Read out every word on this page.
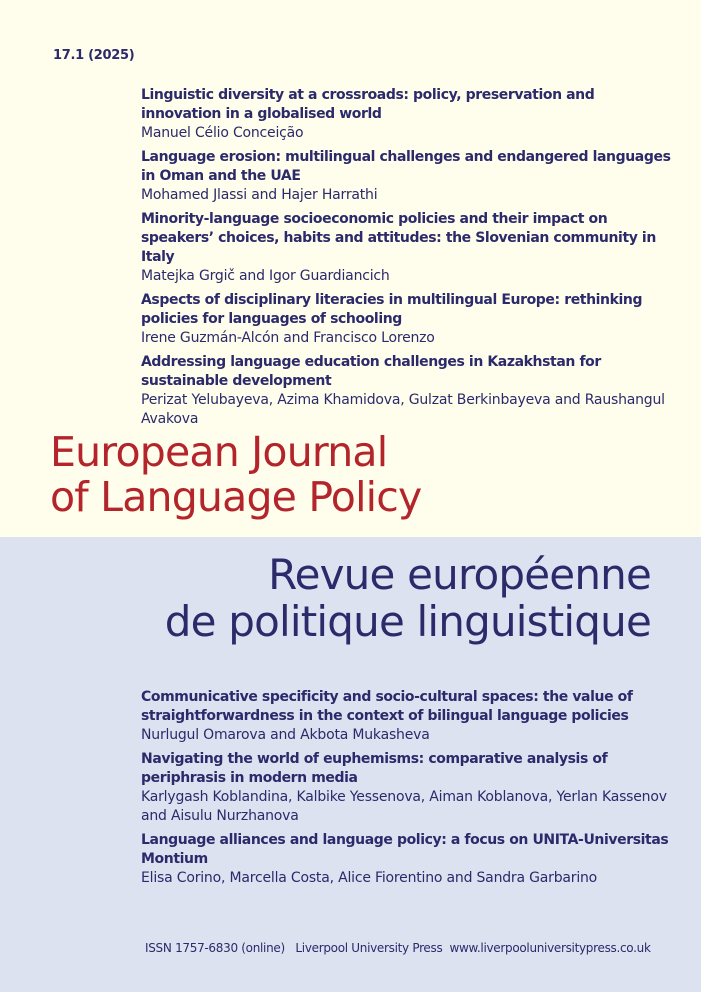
17.1 (2025)
Linguistic diversity at a crossroads: policy, preservation and innovation in a globalised world
Manuel Célio Conceição
Language erosion: multilingual challenges and endangered languages in Oman and the UAE
Mohamed Jlassi and Hajer Harrathi
Minority-language socioeconomic policies and their impact on speakers’ choices, habits and attitudes: the Slovenian community in Italy
Matejka Grgič and Igor Guardiancich
Aspects of disciplinary literacies in multilingual Europe: rethinking policies for languages of schooling
Irene Guzmán-Alcón and Francisco Lorenzo
Addressing language education challenges in Kazakhstan for sustainable development
Perizat Yelubayeva, Azima Khamidova, Gulzat Berkinbayeva and Raushangul Avakova
European Journal
of Language Policy
Revue européenne
de politique linguistique
Communicative specificity and socio-cultural spaces: the value of straightforwardness in the context of bilingual language policies
Nurlugul Omarova and Akbota Mukasheva
Navigating the world of euphemisms: comparative analysis of periphrasis in modern media
Karlygash Koblandina, Kalbike Yessenova, Aiman Koblanova, Yerlan Kassenov and Aisulu Nurzhanova
Language alliances and language policy: a focus on UNITA-Universitas Montium
Elisa Corino, Marcella Costa, Alice Fiorentino and Sandra Garbarino
ISSN 1757-6830 (online) Liverpool University Press www.liverpooluniversitypress.co.uk
